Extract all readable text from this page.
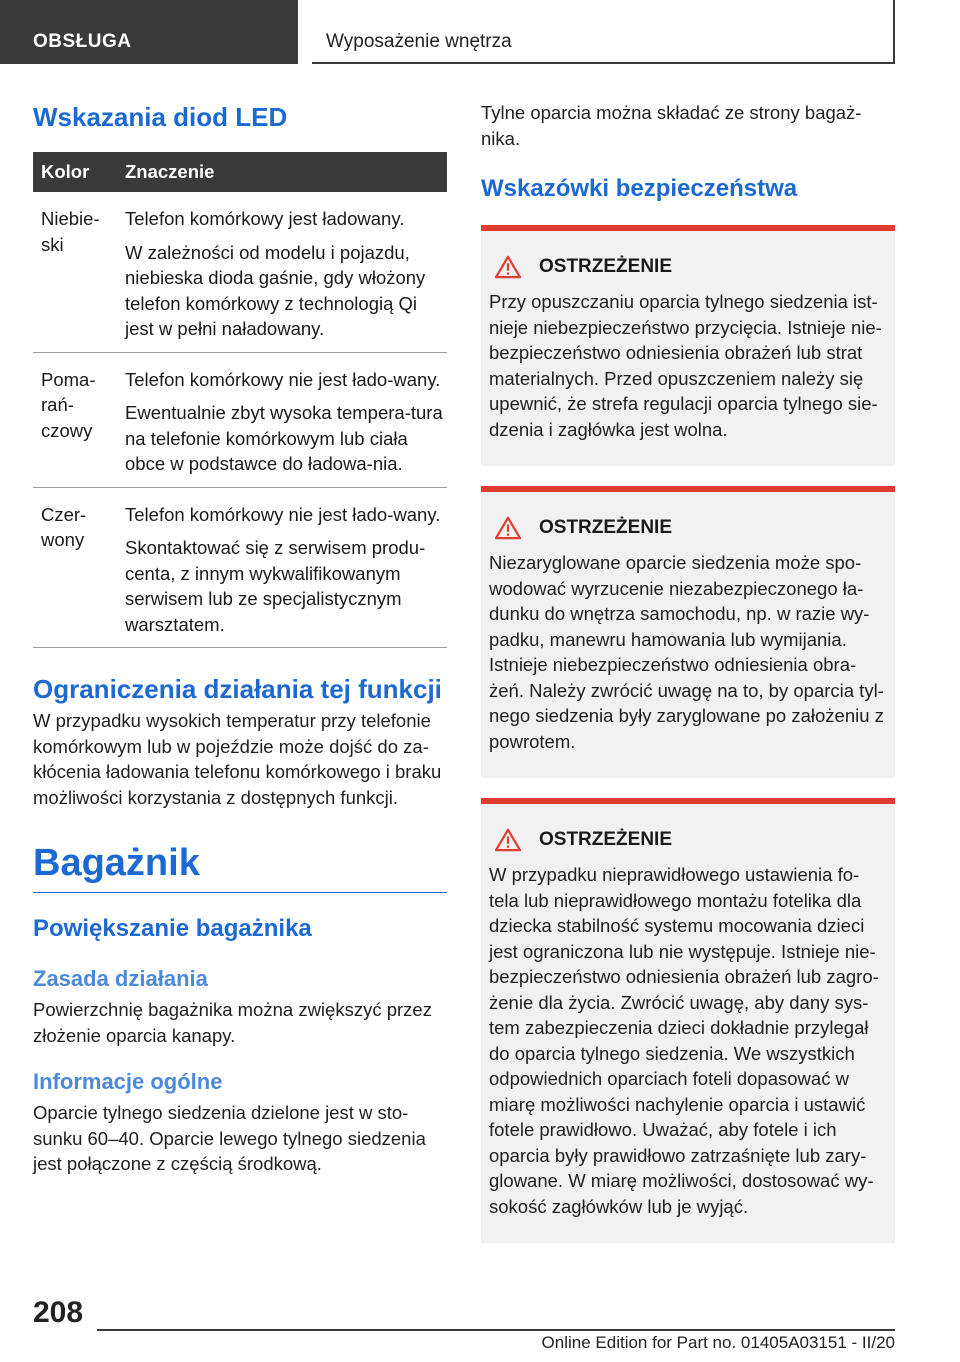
OBSŁUGA	Wyposażenie wnętrza
Wskazania diod LED
Kolor	Znaczenie
Niebie-
ski
Telefon komórkowy jest ładowany.
W zależności od modelu i pojazdu, niebieska dioda gaśnie, gdy włożony telefon komórkowy z technologią Qi jest w pełni naładowany.
Poma-
rań-
czowy
Telefon komórkowy nie jest łado-wany.
Ewentualnie zbyt wysoka tempera-tura na telefonie komórkowym lub ciała obce w podstawce do ładowa-nia.
Czer-
wony
Telefon komórkowy nie jest łado-wany.
Skontaktować się z serwisem produ-centa, z innym wykwalifikowanym serwisem lub ze specjalistycznym warsztatem.
Ograniczenia działania tej funkcji
W przypadku wysokich temperatur przy telefonie komórkowym lub w pojeździe może dojść do za-kłócenia ładowania telefonu komórkowego i braku możliwości korzystania z dostępnych funkcji.
Bagażnik
Powiększanie bagażnika
Zasada działania
Powierzchnię bagażnika można zwiększyć przez złożenie oparcia kanapy.
Informacje ogólne
Oparcie tylnego siedzenia dzielone jest w sto-sunku 60–40. Oparcie lewego tylnego siedzenia jest połączone z częścią środkową.
Tylne oparcia można składać ze strony bagaż-nika.
Wskazówki bezpieczeństwa
OSTRZEŻENIE
Przy opuszczaniu oparcia tylnego siedzenia ist-nieje niebezpieczeństwo przycięcia. Istnieje nie-bezpieczeństwo odniesienia obrażeń lub strat materialnych. Przed opuszczeniem należy się upewnić, że strefa regulacji oparcia tylnego sie-dzenia i zagłówka jest wolna.
OSTRZEŻENIE
Niezaryglowane oparcie siedzenia może spo-wodować wyrzucenie niezabezpieczonego ła-dunku do wnętrza samochodu, np. w razie wy-padku, manewru hamowania lub wymijania. Istnieje niebezpieczeństwo odniesienia obra-żeń. Należy zwrócić uwagę na to, by oparcia tyl-nego siedzenia były zaryglowane po założeniu z powrotem.
OSTRZEŻENIE
W przypadku nieprawidłowego ustawienia fo-tela lub nieprawidłowego montażu fotelika dla dziecka stabilność systemu mocowania dzieci jest ograniczona lub nie występuje. Istnieje nie-bezpieczeństwo odniesienia obrażeń lub zagro-żenie dla życia. Zwrócić uwagę, aby dany sys-tem zabezpieczenia dzieci dokładnie przylegał do oparcia tylnego siedzenia. We wszystkich odpowiednich oparciach foteli dopasować w miarę możliwości nachylenie oparcia i ustawić fotele prawidłowo. Uważać, aby fotele i ich oparcia były prawidłowo zatrzaśnięte lub zary-glowane. W miarę możliwości, dostosować wy-sokość zagłówków lub je wyjąć.
208
Online Edition for Part no. 01405A03151 - II/20
